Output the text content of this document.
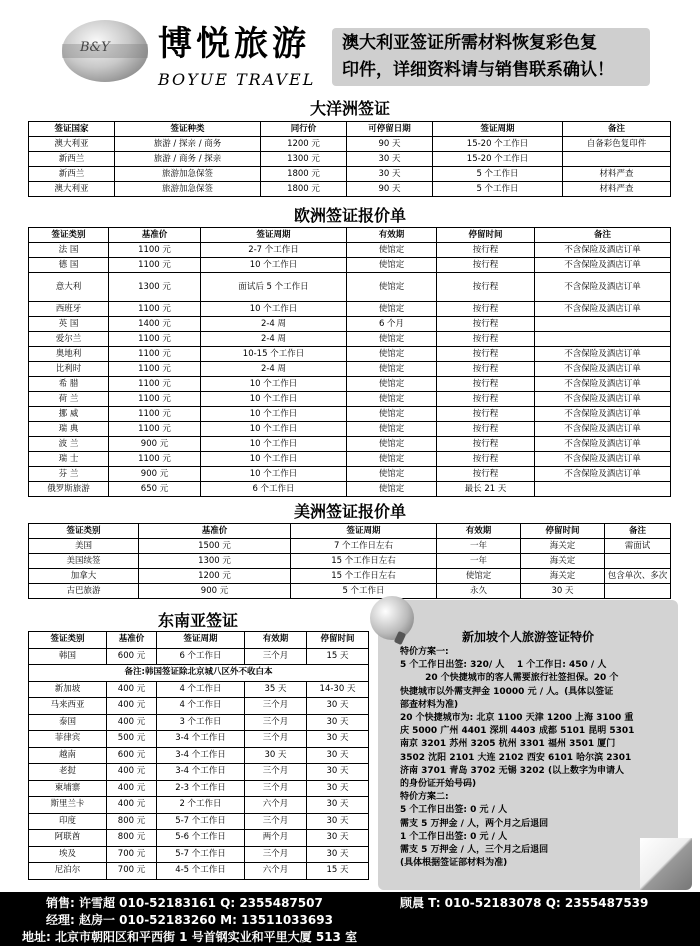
B&Y 博悦旅游
BOYUE TRAVEL
澳大利亚签证所需材料恢复彩色复
印件，详细资料请与销售联系确认！
大洋洲签证
签证国家	签证种类	同行价	可停留日期	签证周期	备注
澳大利亚	旅游 / 探亲 / 商务	1200 元	90 天	15-20 个工作日	自备彩色复印件
新西兰	旅游 / 商务 / 探亲	1300 元	30 天	15-20 个工作日	
新西兰	旅游加急保签	1800 元	30 天	5 个工作日	材料严查
澳大利亚	旅游加急保签	1800 元	90 天	5 个工作日	材料严查
欧洲签证报价单
签证类别	基准价	签证周期	有效期	停留时间	备注
法 国	1100 元	2-7 个工作日	使馆定	按行程	不含保险及酒店订单
德 国	1100 元	10 个工作日	使馆定	按行程	不含保险及酒店订单
意大利	1300 元	面试后 5 个工作日	使馆定	按行程	不含保险及酒店订单
西班牙	1100 元	10 个工作日	使馆定	按行程	不含保险及酒店订单
英 国	1400 元	2-4 周	6 个月	按行程	
爱尔兰	1100 元	2-4 周	使馆定	按行程	
奥地利	1100 元	10-15 个工作日	使馆定	按行程	不含保险及酒店订单
比利时	1100 元	2-4 周	使馆定	按行程	不含保险及酒店订单
希 腊	1100 元	10 个工作日	使馆定	按行程	不含保险及酒店订单
荷 兰	1100 元	10 个工作日	使馆定	按行程	不含保险及酒店订单
挪 威	1100 元	10 个工作日	使馆定	按行程	不含保险及酒店订单
瑞 典	1100 元	10 个工作日	使馆定	按行程	不含保险及酒店订单
波 兰	900 元	10 个工作日	使馆定	按行程	不含保险及酒店订单
瑞 士	1100 元	10 个工作日	使馆定	按行程	不含保险及酒店订单
芬 兰	900 元	10 个工作日	使馆定	按行程	不含保险及酒店订单
俄罗斯旅游	650 元	6 个工作日	使馆定	最长 21 天	
美洲签证报价单
签证类别	基准价	签证周期	有效期	停留时间	备注
美国	1500 元	7 个工作日左右	一年	海关定	需面试
美国续签	1300 元	15 个工作日左右	一年	海关定	
加拿大	1200 元	15 个工作日左右	使馆定	海关定	包含单次、多次
古巴旅游	900 元	5 个工作日	永久	30 天	
东南亚签证
签证类别	基准价	签证周期	有效期	停留时间
韩国	600 元	6 个工作日	三个月	15 天
备注:韩国签证除北京城八区外不收白本				
新加坡	400 元	4 个工作日	35 天	14-30 天
马来西亚	400 元	4 个工作日	三个月	30 天
泰国	400 元	3 个工作日	三个月	30 天
菲律宾	500 元	3-4 个工作日	三个月	30 天
越南	600 元	3-4 个工作日	30 天	30 天
老挝	400 元	3-4 个工作日	三个月	30 天
柬埔寨	400 元	2-3 个工作日	三个月	30 天
斯里兰卡	400 元	2 个工作日	六个月	30 天
印度	800 元	5-7 个工作日	三个月	30 天
阿联酋	800 元	5-6 个工作日	两个月	30 天
埃及	700 元	5-7 个工作日	三个月	30 天
尼泊尔	700 元	4-5 个工作日	六个月	15 天
新加坡个人旅游签证特价

特价方案一:

5 个工作日出签: 320/ 人    1 个工作日: 450 / 人

20 个快捷城市的客人需要旅行社签担保。20 个

快捷城市以外需支押金 10000 元 / 人。(具体以签证

部查材料为准)

20 个快捷城市为: 北京 1100 天津 1200 上海 3100 重

庆 5000 广州 4401 深圳 4403 成都 5101 昆明 5301

南京 3201 苏州 3205 杭州 3301 福州 3501 厦门

3502 沈阳 2101 大连 2102 西安 6101 哈尔滨 2301

济南 3701 青岛 3702 无锡 3202 (以上数字为申请人

的身份证开始号码)

特价方案二:

5 个工作日出签: 0 元 / 人

需支 5 万押金 / 人，两个月之后退回

1 个工作日出签: 0 元 / 人

需支 5 万押金 / 人，三个月之后退回

(具体根据签证部材料为准)

销售: 许雪超 010-52183161 Q: 2355487507	顾晨 T: 010-52183078 Q: 2355487539
经理: 赵房一 010-52183260 M: 13511033693
地址: 北京市朝阳区和平西街 1 号首钢实业和平里大厦 513 室
